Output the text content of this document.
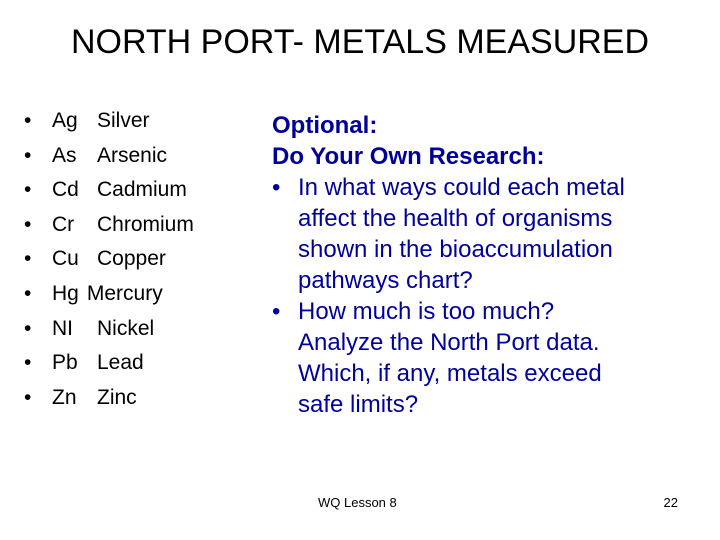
NORTH PORT- METALS MEASURED
• Ag Silver
• As Arsenic
• Cd Cadmium
• Cr	Chromium
• Cu Copper
• Hg Mercury
• NI	Nickel
• Pb Lead
• Zn Zinc
Optional:
Do Your Own Research:
• In what ways could each metal
affect the health of organisms
shown in the bioaccumulation
pathways chart?
• How much is too much?
Analyze the North Port data.
Which, if any, metals exceed
safe limits?
WQ Lesson 8	22
